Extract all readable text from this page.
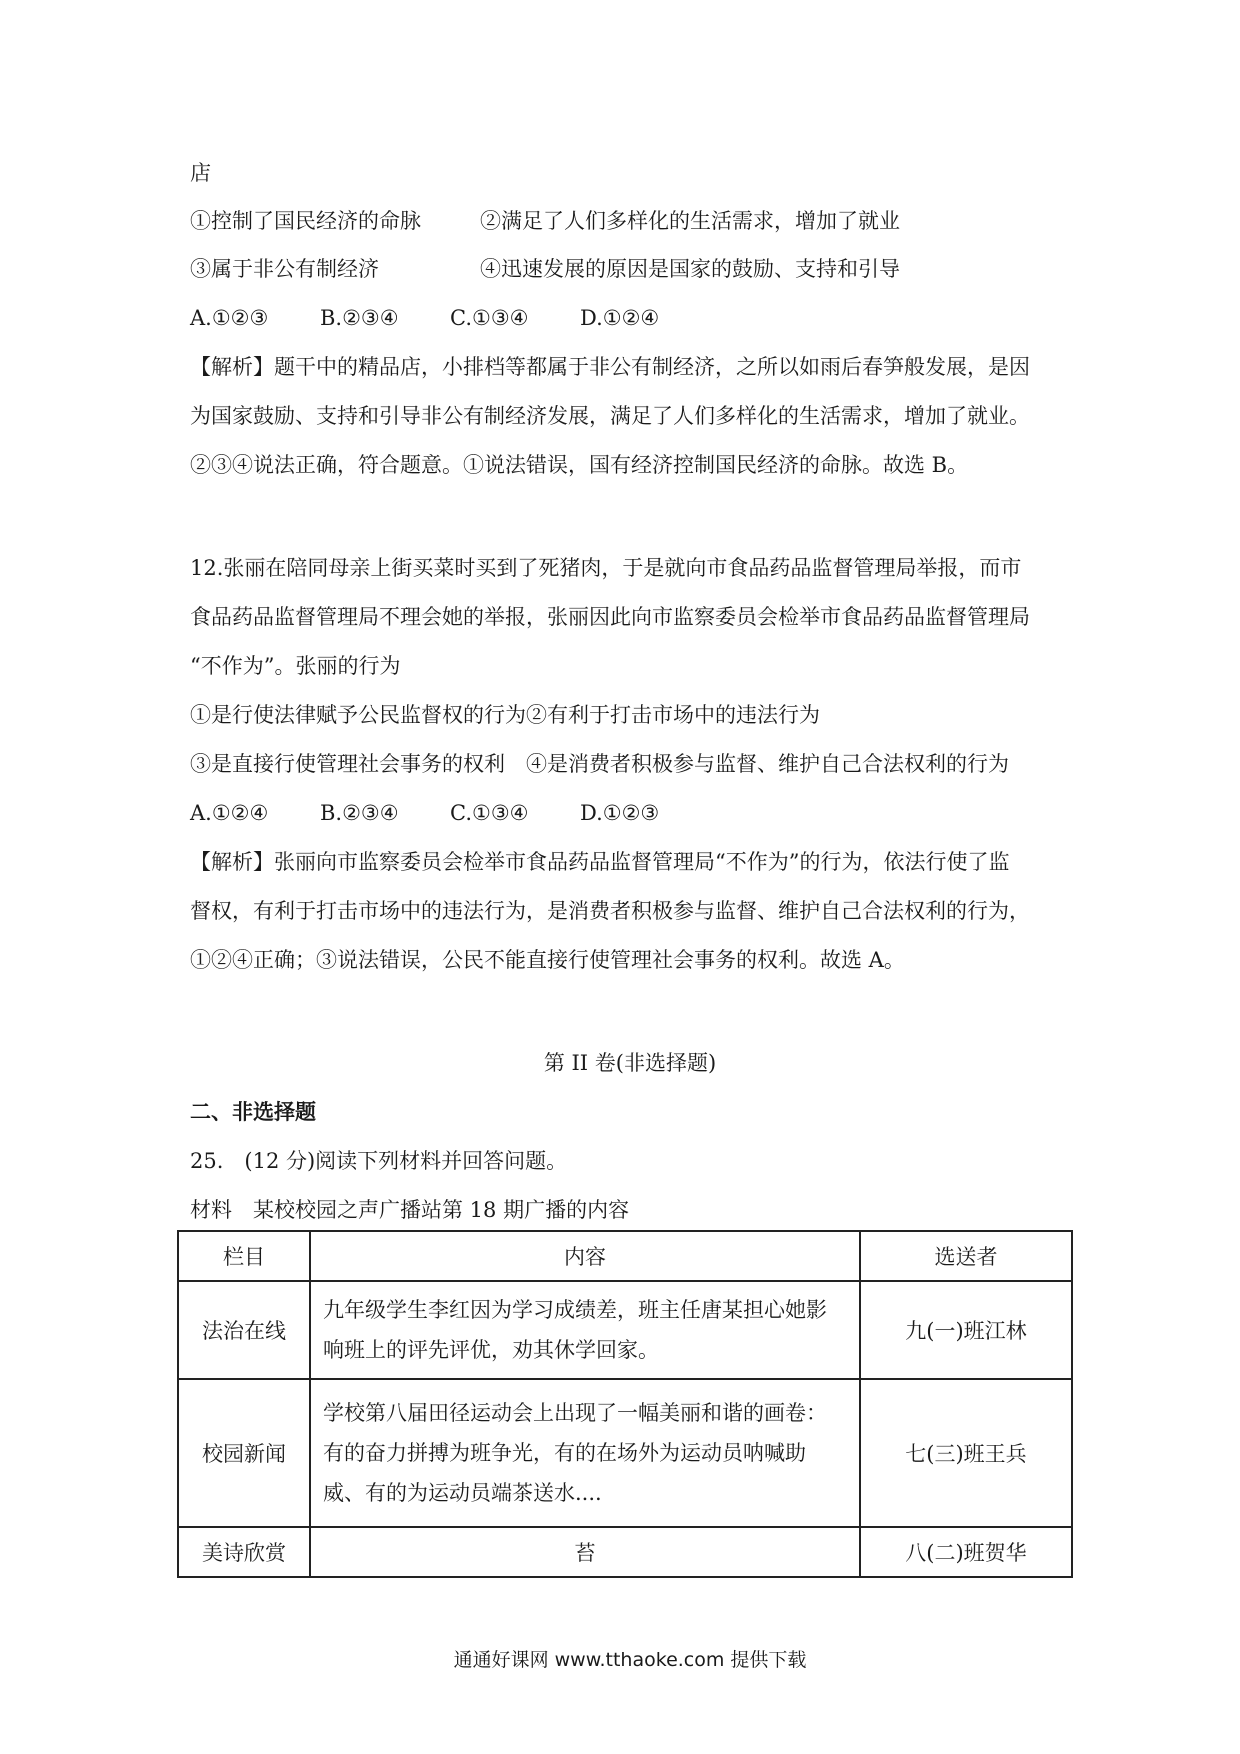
店
①控制了国民经济的命脉	②满足了人们多样化的生活需求，增加了就业
③属于非公有制经济	④迅速发展的原因是国家的鼓励、支持和引导
A.①②③ B.②③④ C.①③④ D.①②④
【解析】题干中的精品店，小排档等都属于非公有制经济，之所以如雨后春笋般发展，是因
为国家鼓励、支持和引导非公有制经济发展，满足了人们多样化的生活需求，增加了就业。
②③④说法正确，符合题意。①说法错误，国有经济控制国民经济的命脉。故选 B。
12.张丽在陪同母亲上街买菜时买到了死猪肉，于是就向市食品药品监督管理局举报，而市
食品药品监督管理局不理会她的举报，张丽因此向市监察委员会检举市食品药品监督管理局
“不作为”。张丽的行为
①是行使法律赋予公民监督权的行为②有利于打击市场中的违法行为
③是直接行使管理社会事务的权利　④是消费者积极参与监督、维护自己合法权利的行为
A.①②④ B.②③④ C.①③④ D.①②③
【解析】张丽向市监察委员会检举市食品药品监督管理局“不作为”的行为，依法行使了监
督权，有利于打击市场中的违法行为，是消费者积极参与监督、维护自己合法权利的行为，
①②④正确；③说法错误，公民不能直接行使管理社会事务的权利。故选 A。
第 II 卷(非选择题)
二、非选择题
25.　(12 分)阅读下列材料并回答问题。
材料　某校校园之声广播站第 18 期广播的内容
栏目	内容	选送者
法治在线	九年级学生李红因为学习成绩差，班主任唐某担心她影
响班上的评先评优，劝其休学回家。	九(一)班江林
校园新闻	学校第八届田径运动会上出现了一幅美丽和谐的画卷：
有的奋力拼搏为班争光，有的在场外为运动员呐喊助
威、有的为运动员端茶送水....	七(三)班王兵
美诗欣赏	苔	八(二)班贺华
通通好课网 www.tthaoke.com 提供下载
